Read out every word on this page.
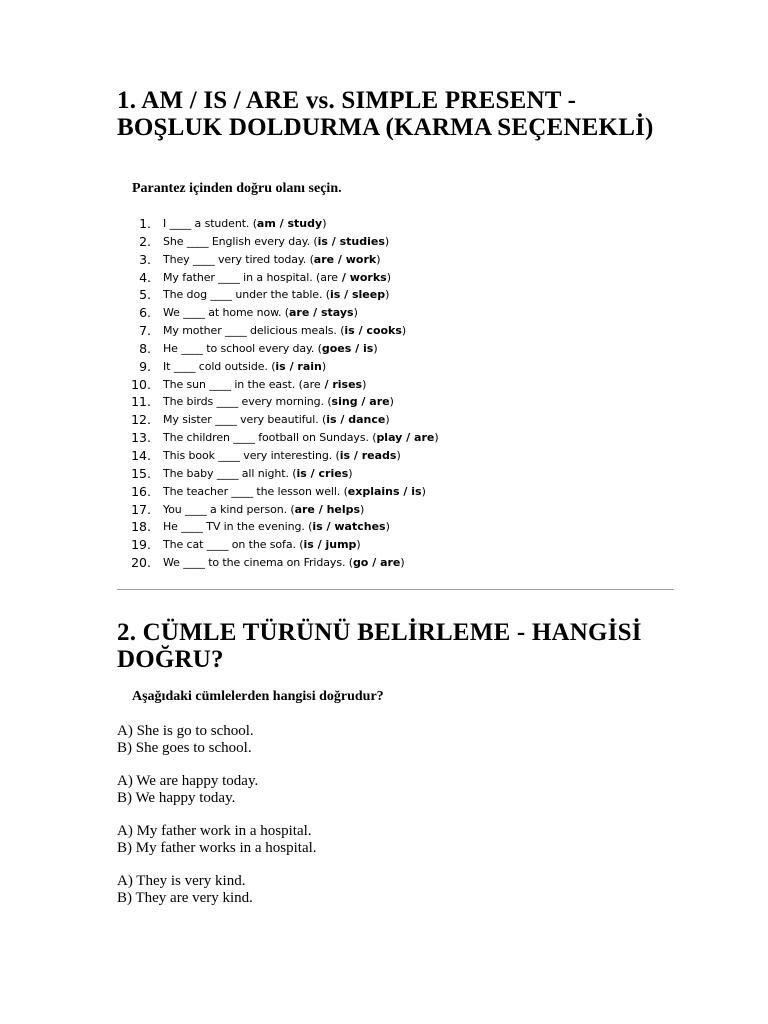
1. AM / IS / ARE vs. SIMPLE PRESENT - BOŞLUK DOLDURMA (KARMA SEÇENEKLİ)

Parantez içinden doğru olanı seçin.

1. I ____ a student. (am / study)
2. She ____ English every day. (is / studies)
3. They ____ very tired today. (are / work)
4. My father ____ in a hospital. (are / works)
5. The dog ____ under the table. (is / sleep)
6. We ____ at home now. (are / stays)
7. My mother ____ delicious meals. (is / cooks)
8. He ____ to school every day. (goes / is)
9. It ____ cold outside. (is / rain)
10. The sun ____ in the east. (are / rises)
11. The birds ____ every morning. (sing / are)
12. My sister ____ very beautiful. (is / dance)
13. The children ____ football on Sundays. (play / are)
14. This book ____ very interesting. (is / reads)
15. The baby ____ all night. (is / cries)
16. The teacher ____ the lesson well. (explains / is)
17. You ____ a kind person. (are / helps)
18. He ____ TV in the evening. (is / watches)
19. The cat ____ on the sofa. (is / jump)
20. We ____ to the cinema on Fridays. (go / are)
2. CÜMLE TÜRÜNÜ BELİRLEME - HANGİSİ DOĞRU?

Aşağıdaki cümlelerden hangisi doğrudur?

A) She is go to school.

B) She goes to school.

A) We are happy today.

B) We happy today.

A) My father work in a hospital.

B) My father works in a hospital.

A) They is very kind.

B) They are very kind.
